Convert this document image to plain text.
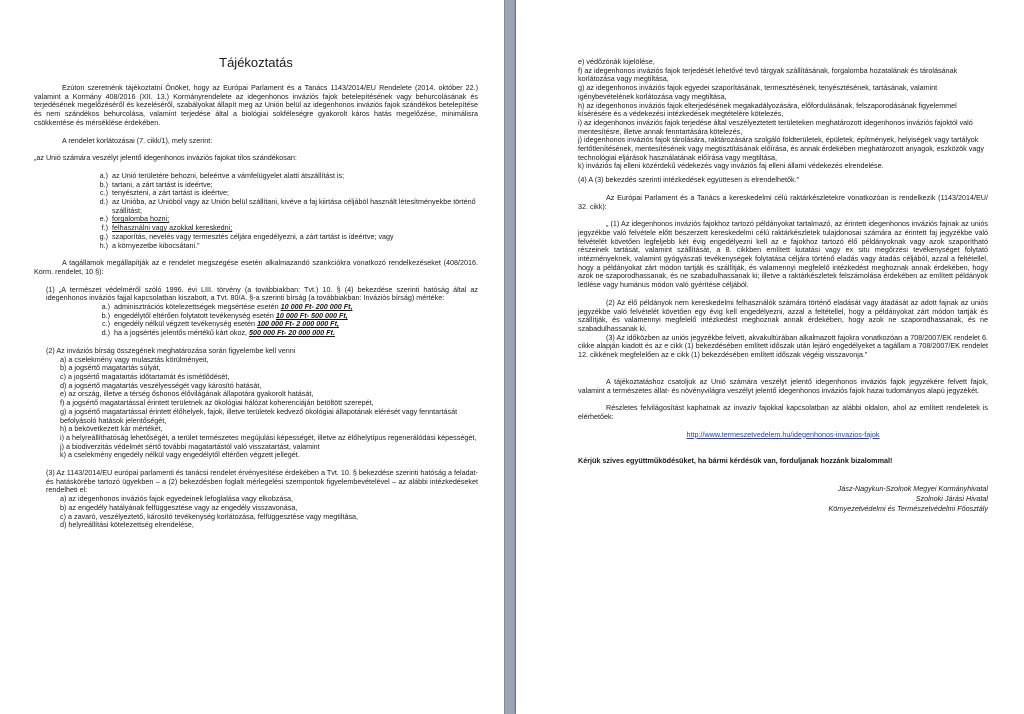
Tájékoztatás

Ezúton szeretnénk tájékoztatni Önöket, hogy az Európai Parlament és a Tanács 1143/2014/EU Rendelete (2014. október 22.) valamint a Kormány 408/2016 (XII. 13.) Kormányrendelete az idegenhonos inváziós fajok betelepítésének vagy behurcolásának és terjedésének megelőzéséről és kezeléséről, szabályokat állapít meg az Unión belül az idegenhonos inváziós fajok szándékos betelepítése és nem szándékos behurcolása, valamint terjedése által a biológiai sokféleségre gyakorolt káros hatás megelőzése, minimálisra csökkentése és mérséklése érdekében.

A rendelet korlátozásai (7. cikk/1), mely szerint:

„az Unió számára veszélyt jelentő idegenhonos inváziós fajokat tilos szándékosan:

a.) az Unió területére behozni, beleértve a vámfelügyelet alatti átszállítást is;
b.) tartani, a zárt tartást is ideértve;
c.) tenyészteni, a zárt tartást is ideértve;
d.) az Unióba, az Unióból vagy az Unión belül szállítani, kivéve a faj kiirtása céljából használt létesítményekbe történő szállítást;
e.) forgalomba hozni;
f.) felhasználni vagy azokkal kereskedni;
g.) szaporítás, nevelés vagy termesztés céljára engedélyezni, a zárt tartást is ideértve; vagy
h.) a környezetbe kibocsátani.”

A tagállamok megállapítják az e rendelet megszegése esetén alkalmazandó szankciókra vonatkozó rendelkezéseket (408/2016. Korm. rendelet, 10 §):

(1) „A természet védelméről szóló 1996. évi LIII. törvény (a továbbiakban: Tvt.) 10. § (4) bekezdése szerinti hatóság által az idegenhonos inváziós fajjal kapcsolatban kiszabott, a Tvt. 80/A. §-a szerinti bírság (a továbbiakban: Inváziós bírság) mértéke:

a.) adminisztrációs kötelezettségek megsértése esetén 10 000 Ft- 200 000 Ft,
b.) engedélytől eltérően folytatott tevékenység esetén 10 000 Ft- 500 000 Ft,
c.) engedély nélkül végzett tevékenység esetén 100 000 Ft- 2 000 000 Ft,
d.) ha a jogsértés jelentős mértékű kárt okoz, 500 000 Ft- 20 000 000 Ft.

(2) Az inváziós bírság összegének meghatározása során figyelembe kell venni

a) a cselekmény vagy mulasztás körülményeit,
b) a jogsértő magatartás súlyát,
c) a jogsértő magatartás időtartamát és ismétlődését,
d) a jogsértő magatartás veszélyességét vagy károsító hatását,
e) az ország, illetve a térség őshonos élővilágának állapotára gyakorolt hatását,
f) a jogsértő magatartással érintett területnek az ökológiai hálózat koherenciáján betöltött szerepét,
g) a jogsértő magatartással érintett élőhelyek, fajok, illetve területek kedvező ökológiai állapotának elérését vagy fenntartását befolyásoló hatások jelentőségét,
h) a bekövetkezett kár mértékét,
i) a helyreállíthatóság lehetőségét, a terület természetes megújulási képességét, illetve az élőhelytípus regenerálódási képességét,
j) a biodiverzitás védelmét sértő további magatartástól való visszatartást, valamint
k) a cselekmény engedély nélkül vagy engedélytől eltérően végzett jellegét.

(3) Az 1143/2014/EU európai parlamenti és tanácsi rendelet érvényesítése érdekében a Tvt. 10. § bekezdése szerinti hatóság a feladat- és hatáskörébe tartozó ügyekben – a (2) bekezdésben foglalt mérlegelési szempontok figyelembevételével – az alábbi intézkedéseket rendelheti el:

a) az idegenhonos inváziós fajok egyedeinek lefoglalása vagy elkobzása,
b) az engedély hatályának felfüggesztése vagy az engedély visszavonása,
c) a zavaró, veszélyeztető, károsító tevékenység korlátozása, felfüggesztése vagy megtiltása,
d) helyreállítási kötelezettség elrendelése,
e) védőzónák kijelölése,
f) az idegenhonos inváziós fajok terjedését lehetővé tevő tárgyak szállításának, forgalomba hozatalának és tárolásának korlátozása vagy megtiltása,
g) az idegenhonos inváziós fajok egyedei szaporításának, termesztésének, tenyésztésének, tartásának, valamint igénybevételének korlátozása vagy megtiltása,
h) az idegenhonos inváziós fajok elterjedésének megakadályozására, előfordulásának, felszaporodásának figyelemmel kísérésére és a védekezési intézkedések megtételére kötelezés,
i) az idegenhonos inváziós fajok terjedése által veszélyeztetett területeken meghatározott idegenhonos inváziós fajoktól való mentesítésre, illetve annak fenntartására kötelezés,
j) idegenhonos inváziós fajok tárolására, raktározására szolgáló földterületek, épületek, építmények, helyiségek vagy tartályok fertőtlenítésének, mentesítésének vagy megtisztításának előírása, és annak érdekében meghatározott anyagok, eszközök vagy technológiai eljárások használatának előírása vagy megtiltása,
k) inváziós faj elleni közérdekű védekezés vagy inváziós faj elleni állami védekezés elrendelése.

(4) A (3) bekezdés szerinti intézkedések együttesen is elrendelhetők.”

Az Európai Parlament és a Tanács a kereskedelmi célú raktárkészletekre vonatkozóan is rendelkezik (1143/2014/EU/ 32. cikk):

„ (1) Az idegenhonos inváziós fajokhoz tartozó példányokat tartalmazó, az érintett idegenhonos inváziós fajnak az uniós jegyzékbe való felvétele előtt beszerzett kereskedelmi célú raktárkészletek tulajdonosai számára az érintett faj jegyzékbe való felvételét követően legfeljebb két évig engedélyezni kell az e fajokhoz tartozó élő példányoknak vagy azok szaporítható részeinek tartását, valamint szállítását, a 8. cikkben említett kutatási vagy ex situ megőrzési tevékenységet folytató intézményeknek, valamint gyógyászati tevékenységek folytatása céljára történő eladás vagy átadás céljából, azzal a feltétellel, hogy a példányokat zárt módon tartják és szállítják, és valamennyi megfelelő intézkedést meghoznak annak érdekében, hogy azok ne szaporodhassanak, és ne szabadulhassanak ki; illetve a raktárkészletek felszámolása érdekében az említett példányok leölése vagy humánus módon való gyérítése céljából.

(2) Az élő példányok nem kereskedelmi felhasználók számára történő eladását vagy átadását az adott fajnak az uniós jegyzékbe való felvételét követően egy évig kell engedélyezni, azzal a feltétellel, hogy a példányokat zárt módon tartják és szállítják, és valamennyi megfelelő intézkedést meghoznak annak érdekében, hogy azok ne szaporodhassanak, és ne szabadulhassanak ki.

(3) Az időközben az uniós jegyzékbe felvett, akvakultúrában alkalmazott fajokra vonatkozóan a 708/2007/EK rendelet 6. cikke alapján kiadott és az e cikk (1) bekezdésében említett időszak után lejáró engedélyeket a tagállam a 708/2007/EK rendelet 12. cikkének megfelelően az e cikk (1) bekezdésében említett időszak végéig visszavonja.”

A tájékoztatáshoz csatoljuk az Unió számára veszélyt jelentő idegenhonos inváziós fajok jegyzékére felvett fajok, valamint a természetes állat- és növényvilágra veszélyt jelentő idegenhonos inváziós fajok hazai tudományos alapú jegyzékét.

Részletes felvilágosítást kaphatnak az invazív fajokkal kapcsolatban az alábbi oldalon, ahol az említett rendeletek is elérhetőek:

http://www.termeszetvedelem.hu/idegenhonos-invazios-fajok

Kérjük szíves együttműködésüket, ha bármi kérdésük van, forduljanak hozzánk bizalommal!

Jász-Nagykun-Szolnok Megyei Kormányhivatal
Szolnoki Járási Hivatal
Környezetvédelmi és Természetvédelmi Főosztály
